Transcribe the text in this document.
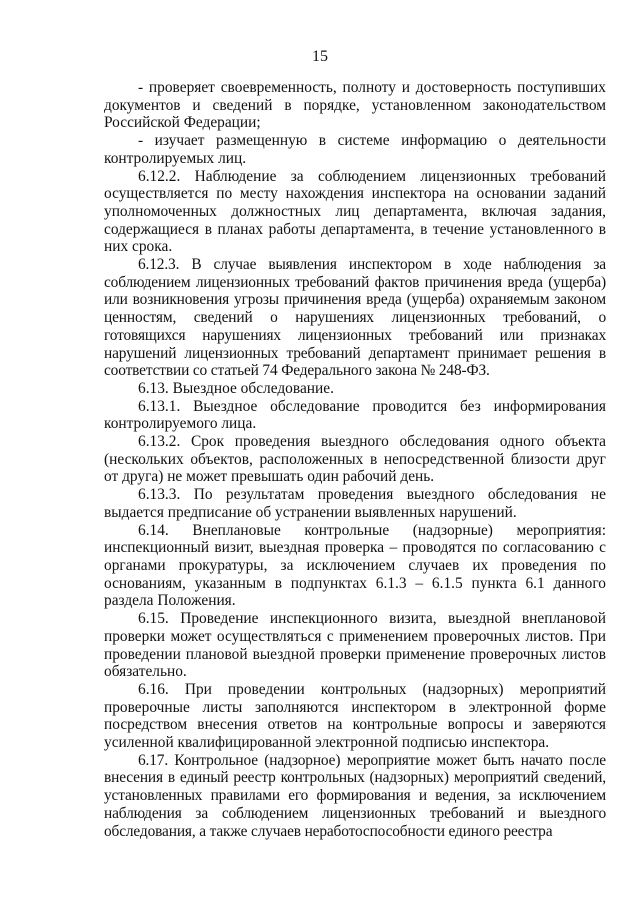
15

- проверяет своевременность, полноту и достоверность поступивших документов и сведений в порядке, установленном законодательством Российской Федерации;

- изучает размещенную в системе информацию о деятельности контролируемых лиц.

6.12.2. Наблюдение за соблюдением лицензионных требований осуществляется по месту нахождения инспектора на основании заданий уполномоченных должностных лиц департамента, включая задания, содержащиеся в планах работы департамента, в течение установленного в них срока.

6.12.3. В случае выявления инспектором в ходе наблюдения за соблюдением лицензионных требований фактов причинения вреда (ущерба) или возникновения угрозы причинения вреда (ущерба) охраняемым законом ценностям, сведений о нарушениях лицензионных требований, о готовящихся нарушениях лицензионных требований или признаках нарушений лицензионных требований департамент принимает решения в соответствии со статьей 74 Федерального закона № 248-ФЗ.

6.13. Выездное обследование.

6.13.1. Выездное обследование проводится без информирования контролируемого лица.

6.13.2. Срок проведения выездного обследования одного объекта (нескольких объектов, расположенных в непосредственной близости друг от друга) не может превышать один рабочий день.

6.13.3. По результатам проведения выездного обследования не выдается предписание об устранении выявленных нарушений.

6.14. Внеплановые контрольные (надзорные) мероприятия: инспекционный визит, выездная проверка – проводятся по согласованию с органами прокуратуры, за исключением случаев их проведения по основаниям, указанным в подпунктах 6.1.3 – 6.1.5 пункта 6.1 данного раздела Положения.

6.15. Проведение инспекционного визита, выездной внеплановой проверки может осуществляться с применением проверочных листов. При проведении плановой выездной проверки применение проверочных листов обязательно.

6.16. При проведении контрольных (надзорных) мероприятий проверочные листы заполняются инспектором в электронной форме посредством внесения ответов на контрольные вопросы и заверяются усиленной квалифицированной электронной подписью инспектора.

6.17. Контрольное (надзорное) мероприятие может быть начато после внесения в единый реестр контрольных (надзорных) мероприятий сведений, установленных правилами его формирования и ведения, за исключением наблюдения за соблюдением лицензионных требований и выездного обследования, а также случаев неработоспособности единого реестра
